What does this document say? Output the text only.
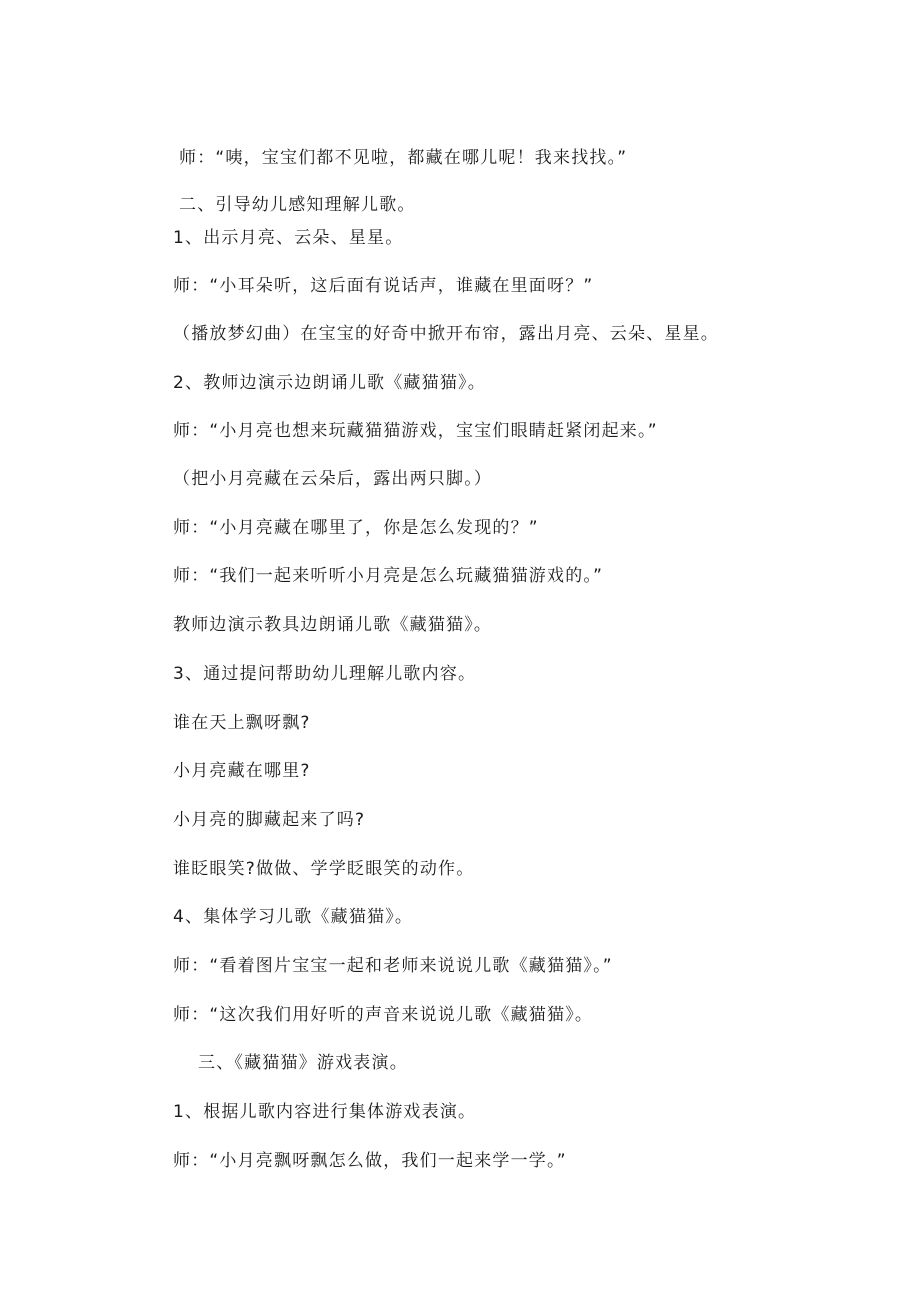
师：“咦，宝宝们都不见啦，都藏在哪儿呢！我来找找。”
二、引导幼儿感知理解儿歌。
1、出示月亮、云朵、星星。
师：“小耳朵听，这后面有说话声，谁藏在里面呀？”
（播放梦幻曲）在宝宝的好奇中掀开布帘，露出月亮、云朵、星星。
2、教师边演示边朗诵儿歌《藏猫猫》。
师：“小月亮也想来玩藏猫猫游戏，宝宝们眼睛赶紧闭起来。”
（把小月亮藏在云朵后，露出两只脚。）
师：“小月亮藏在哪里了，你是怎么发现的？”
师：“我们一起来听听小月亮是怎么玩藏猫猫游戏的。”
教师边演示教具边朗诵儿歌《藏猫猫》。
3、通过提问帮助幼儿理解儿歌内容。
谁在天上飘呀飘?
小月亮藏在哪里?
小月亮的脚藏起来了吗?
谁眨眼笑?做做、学学眨眼笑的动作。
4、集体学习儿歌《藏猫猫》。
师：“看着图片宝宝一起和老师来说说儿歌《藏猫猫》。”
师：“这次我们用好听的声音来说说儿歌《藏猫猫》。
三、《藏猫猫》游戏表演。
1、根据儿歌内容进行集体游戏表演。
师：“小月亮飘呀飘怎么做，我们一起来学一学。”
